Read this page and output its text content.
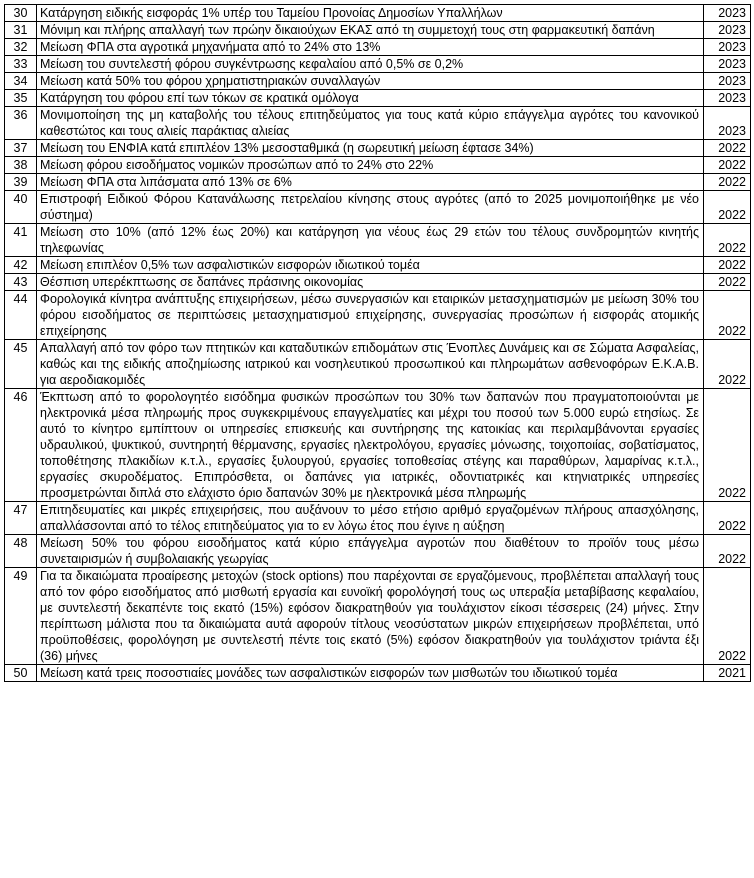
30	Κατάργηση ειδικής εισφοράς 1% υπέρ του Ταμείου Προνοίας Δημοσίων Υπαλλήλων	2023
31	Μόνιμη και πλήρης απαλλαγή των πρώην δικαιούχων ΕΚΑΣ από τη συμμετοχή τους στη φαρμακευτική δαπάνη	2023
32	Μείωση ΦΠΑ στα αγροτικά μηχανήματα από το 24% στο 13%	2023
33	Μείωση του συντελεστή φόρου συγκέντρωσης κεφαλαίου από 0,5% σε 0,2%	2023
34	Μείωση κατά 50% του φόρου χρηματιστηριακών συναλλαγών	2023
35	Κατάργηση του φόρου επί των τόκων σε κρατικά ομόλογα	2023
36	Μονιμοποίηση της μη καταβολής του τέλους επιτηδεύματος για τους κατά κύριο επάγγελμα αγρότες του κανονικού καθεστώτος και τους αλιείς παράκτιας αλιείας	2023
37	Μείωση του ΕΝΦΙΑ κατά επιπλέον 13% μεσοσταθμικά (η σωρευτική μείωση έφτασε 34%)	2022
38	Μείωση φόρου εισοδήματος νομικών προσώπων από το 24% στο 22%	2022
39	Μείωση ΦΠΑ στα λιπάσματα από 13% σε 6%	2022
40	Επιστροφή Ειδικού Φόρου Κατανάλωσης πετρελαίου κίνησης στους αγρότες (από το 2025 μονιμοποιήθηκε με νέο σύστημα)	2022
41	Μείωση στο 10% (από 12% έως 20%) και κατάργηση για νέους έως 29 ετών του τέλους συνδρομητών κινητής τηλεφωνίας	2022
42	Μείωση επιπλέον 0,5% των ασφαλιστικών εισφορών ιδιωτικού τομέα	2022
43	Θέσπιση υπερέκπτωσης σε δαπάνες πράσινης οικονομίας	2022
44	Φορολογικά κίνητρα ανάπτυξης επιχειρήσεων, μέσω συνεργασιών και εταιρικών μετασχηματισμών με μείωση 30% του φόρου εισοδήματος σε περιπτώσεις μετασχηματισμού επιχείρησης, συνεργασίας προσώπων ή εισφοράς ατομικής επιχείρησης	2022
45	Απαλλαγή από τον φόρο των πτητικών και καταδυτικών επιδομάτων στις Ένοπλες Δυνάμεις και σε Σώματα Ασφαλείας, καθώς και της ειδικής αποζημίωσης ιατρικού και νοσηλευτικού προσωπικού και πληρωμάτων ασθενοφόρων Ε.Κ.Α.Β. για αεροδιακομιδές	2022
46	Έκπτωση από το φορολογητέο εισόδημα φυσικών προσώπων του 30% των δαπανών που πραγματοποιούνται με ηλεκτρονικά μέσα πληρωμής προς συγκεκριμένους επαγγελματίες και μέχρι του ποσού των 5.000 ευρώ ετησίως. Σε αυτό το κίνητρο εμπίπτουν οι υπηρεσίες επισκευής και συντήρησης της κατοικίας και περιλαμβάνονται εργασίες υδραυλικού, ψυκτικού, συντηρητή θέρμανσης, εργασίες ηλεκτρολόγου, εργασίες μόνωσης, τοιχοποιίας, σοβατίσματος, τοποθέτησης πλακιδίων κ.τ.λ., εργασίες ξυλουργού, εργασίες τοποθεσίας στέγης και παραθύρων, λαμαρίνας κ.τ.λ., εργασίες σκυροδέματος. Επιπρόσθετα, οι δαπάνες για ιατρικές, οδοντιατρικές και κτηνιατρικές υπηρεσίες προσμετρώνται διπλά στο ελάχιστο όριο δαπανών 30% με ηλεκτρονικά μέσα πληρωμής	2022
47	Επιτηδευματίες και μικρές επιχειρήσεις, που αυξάνουν το μέσο ετήσιο αριθμό εργαζομένων πλήρους απασχόλησης, απαλλάσσονται από το τέλος επιτηδεύματος για το εν λόγω έτος που έγινε η αύξηση	2022
48	Μείωση 50% του φόρου εισοδήματος κατά κύριο επάγγελμα αγροτών που διαθέτουν το προϊόν τους μέσω συνεταιρισμών ή συμβολαιακής γεωργίας	2022
49	Για τα δικαιώματα προαίρεσης μετοχών (stock options) που παρέχονται σε εργαζόμενους, προβλέπεται απαλλαγή τους από τον φόρο εισοδήματος από μισθωτή εργασία και ευνοϊκή φορολόγησή τους ως υπεραξία μεταβίβασης κεφαλαίου, με συντελεστή δεκαπέντε τοις εκατό (15%) εφόσον διακρατηθούν για τουλάχιστον είκοσι τέσσερεις (24) μήνες. Στην περίπτωση μάλιστα που τα δικαιώματα αυτά αφορούν τίτλους νεοσύστατων μικρών επιχειρήσεων προβλέπεται, υπό προϋποθέσεις, φορολόγηση με συντελεστή πέντε τοις εκατό (5%) εφόσον διακρατηθούν για τουλάχιστον τριάντα έξι (36) μήνες	2022
50	Μείωση κατά τρεις ποσοστιαίες μονάδες των ασφαλιστικών εισφορών των μισθωτών του ιδιωτικού τομέα	2021
